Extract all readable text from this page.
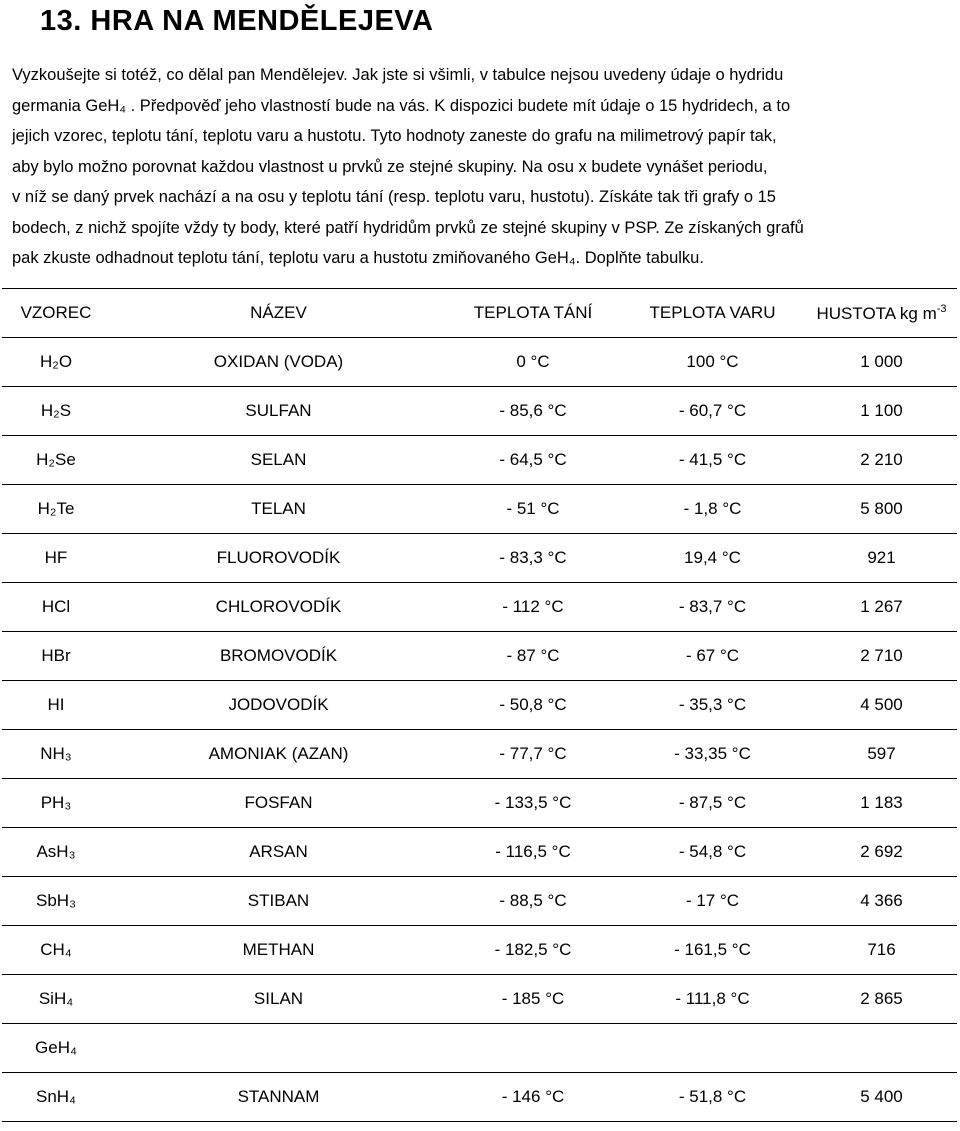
13. HRA NA MENDĚLEJEVA
Vyzkoušejte si totéž, co dělal pan Mendělejev. Jak jste si všimli, v tabulce nejsou uvedeny údaje o hydridu
germania GeH₄ . Předpověď jeho vlastností bude na vás. K dispozici budete mít údaje o 15 hydridech, a to
jejich vzorec, teplotu tání, teplotu varu a hustotu. Tyto hodnoty zaneste do grafu na milimetrový papír tak,
aby bylo možno porovnat každou vlastnost u prvků ze stejné skupiny. Na osu x budete vynášet periodu,
v níž se daný prvek nachází a na osu y teplotu tání (resp. teplotu varu, hustotu). Získáte tak tři grafy o 15
bodech, z nichž spojíte vždy ty body, které patří hydridům prvků ze stejné skupiny v PSP. Ze získaných grafů
pak zkuste odhadnout teplotu tání, teplotu varu a hustotu zmiňovaného GeH₄. Doplňte tabulku.
VZOREC	NÁZEV	TEPLOTA TÁNÍ	TEPLOTA VARU	HUSTOTA kg $m^{-3}$
H₂O	OXIDAN (VODA)	0 °C	100 °C	1 000
H₂S	SULFAN	- 85,6 °C	- 60,7 °C	1 100
H₂Se	SELAN	- 64,5 °C	- 41,5 °C	2 210
H₂Te	TELAN	- 51 °C	- 1,8 °C	5 800
HF	FLUOROVODÍK	- 83,3 °C	19,4 °C	921
HCl	CHLOROVODÍK	- 112 °C	- 83,7 °C	1 267
HBr	BROMOVODÍK	- 87 °C	- 67 °C	2 710
HI	JODOVODÍK	- 50,8 °C	- 35,3 °C	4 500
NH₃	AMONIAK (AZAN)	- 77,7 °C	- 33,35 °C	597
PH₃	FOSFAN	- 133,5 °C	- 87,5 °C	1 183
AsH₃	ARSAN	- 116,5 °C	- 54,8 °C	2 692
SbH₃	STIBAN	- 88,5 °C	- 17 °C	4 366
CH₄	METHAN	- 182,5 °C	- 161,5 °C	716
SiH₄	SILAN	- 185 °C	- 111,8 °C	2 865
GeH₄				
SnH₄	STANNAM	- 146 °C	- 51,8 °C	5 400
